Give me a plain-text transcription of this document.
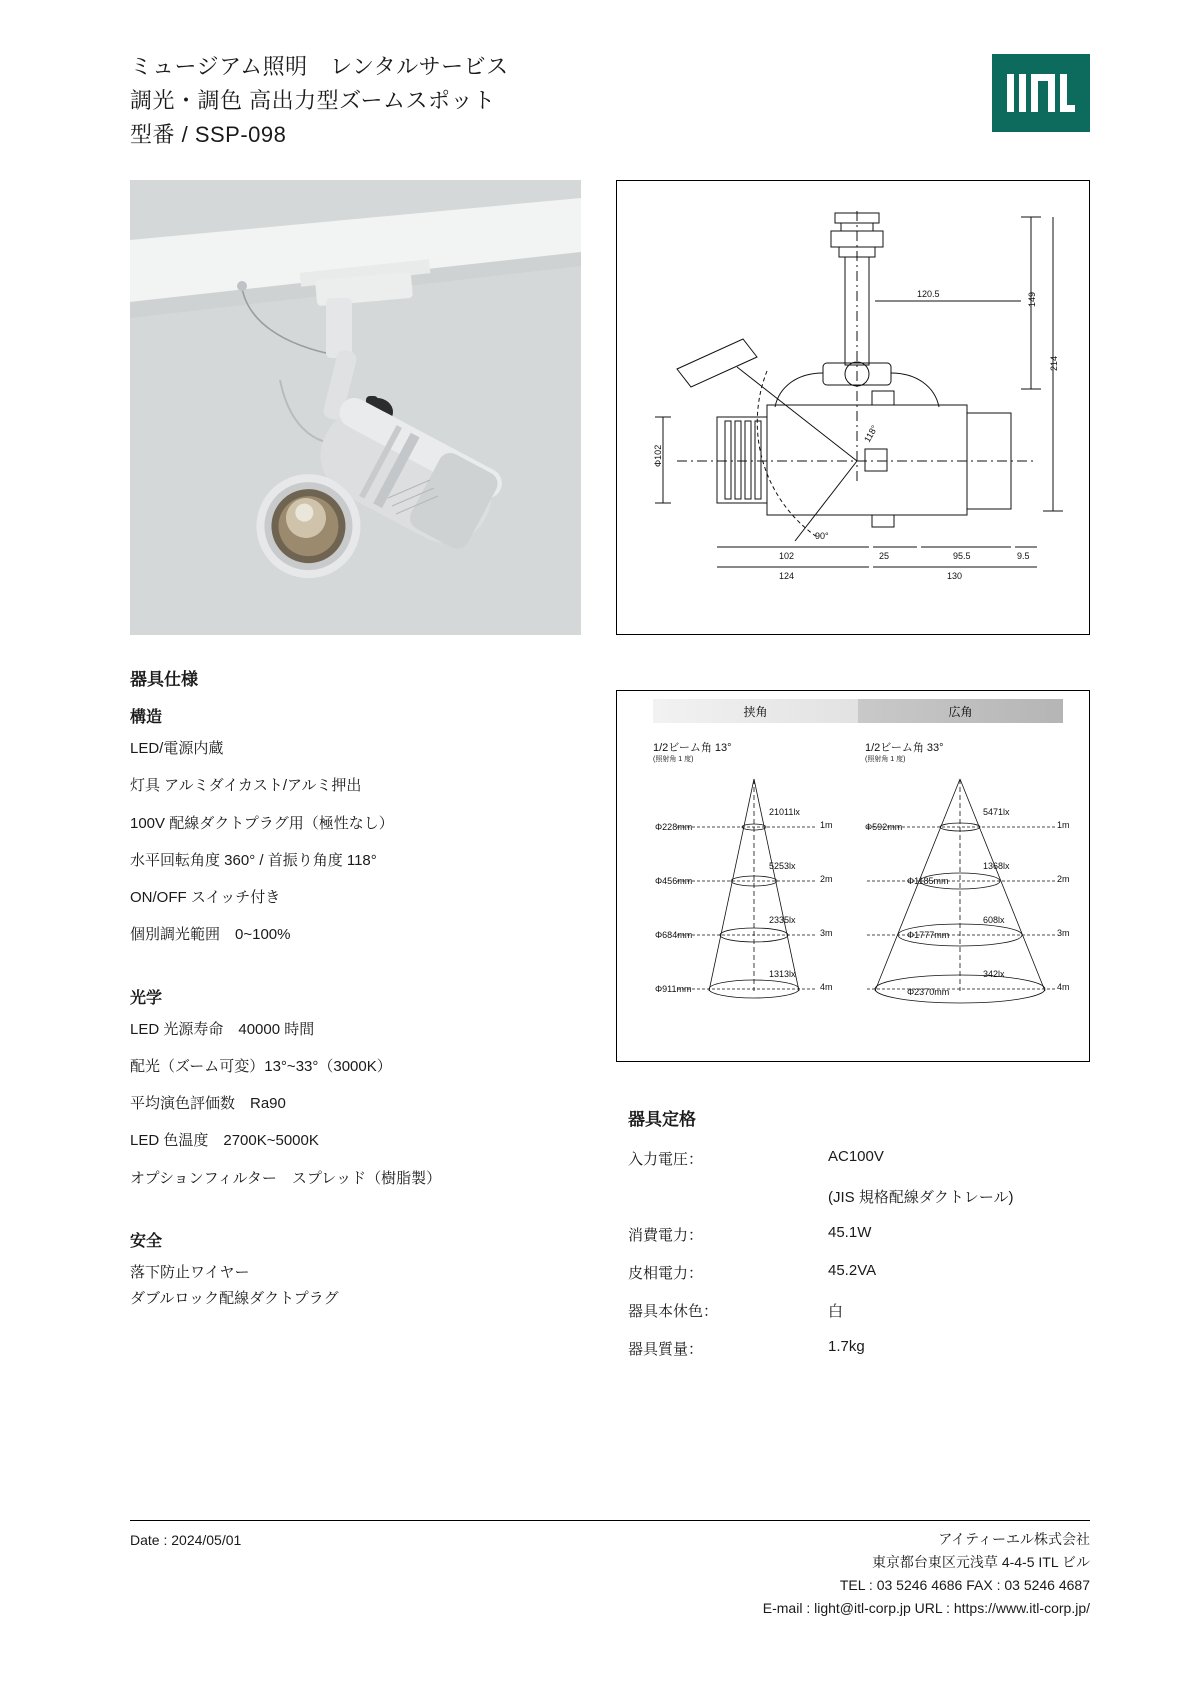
ミュージアム照明　レンタルサービス
調光・調色 高出力型ズームスポット
型番 / SSP-098
149
214
120.5
Φ102
118°
102	25	95.5	9.5
124	130
90°
挟角	広角
1/2ビーム角 13°
(照射角 1 度)
1/2ビーム角 33°
(照射角 1 度)
21011lx
5253lx
2335lx
1313lx
Φ228mm
Φ456mm
Φ684mm
Φ911mm
1m
2m
3m
4m
5471lx
1368lx
608lx
342lx
Φ592mm
Φ1185mm
Φ1777mm
Φ2370mm
1m
2m
3m
4m
器具仕様
構造
LED/電源内蔵
灯具 アルミダイカスト/アルミ押出
100V 配線ダクトプラグ用（極性なし）
水平回転角度 360° / 首振り角度 118°
ON/OFF スイッチ付き
個別調光範囲　0~100%
光学
LED 光源寿命　40000 時間
配光（ズーム可変）13°~33°（3000K）
平均演色評価数　Ra90
LED 色温度　2700K~5000K
オプションフィルター　スプレッド（樹脂製）
安全
落下防止ワイヤー
ダブルロック配線ダクトプラグ
器具定格
入力電圧：	AC100V
	(JIS 規格配線ダクトレール)
消費電力：	45.1W
皮相電力：	45.2VA
器具本休色：	白
器具質量：	1.7kg
Date : 2024/05/01	アイティーエル株式会社
東京都台東区元浅草 4-4-5 ITL ビル
TEL : 03 5246 4686 FAX : 03 5246 4687
E-mail : light@itl-corp.jp URL : https://www.itl-corp.jp/
